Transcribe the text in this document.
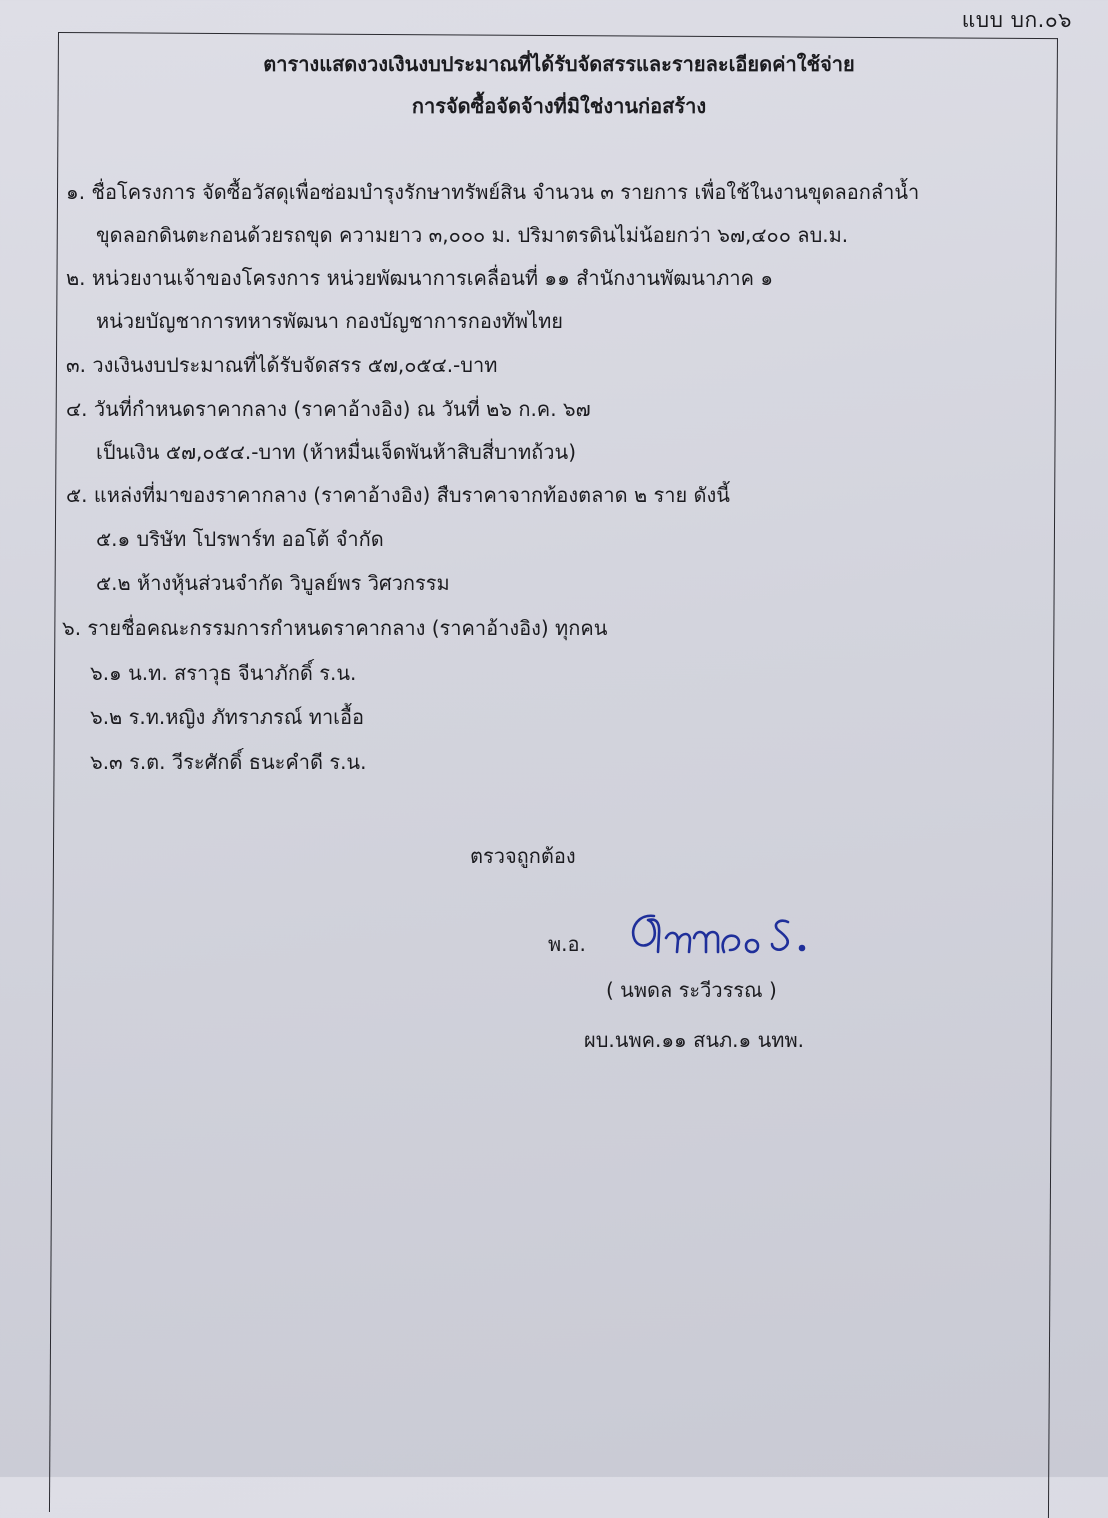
แบบ บก.๐๖
ตารางแสดงวงเงินงบประมาณที่ได้รับจัดสรรและรายละเอียดค่าใช้จ่าย
การจัดซื้อจัดจ้างที่มิใช่งานก่อสร้าง
๑. ชื่อโครงการ จัดซื้อวัสดุเพื่อซ่อมบำรุงรักษาทรัพย์สิน จำนวน ๓ รายการ เพื่อใช้ในงานขุดลอกลำน้ำ
ขุดลอกดินตะกอนด้วยรถขุด ความยาว ๓,๐๐๐ ม. ปริมาตรดินไม่น้อยกว่า ๖๗,๔๐๐ ลบ.ม.
๒. หน่วยงานเจ้าของโครงการ หน่วยพัฒนาการเคลื่อนที่ ๑๑ สำนักงานพัฒนาภาค ๑
หน่วยบัญชาการทหารพัฒนา กองบัญชาการกองทัพไทย
๓. วงเงินงบประมาณที่ได้รับจัดสรร ๕๗,๐๕๔.-บาท
๔. วันที่กำหนดราคากลาง (ราคาอ้างอิง) ณ วันที่ ๒๖ ก.ค. ๖๗
เป็นเงิน ๕๗,๐๕๔.-บาท (ห้าหมื่นเจ็ดพันห้าสิบสี่บาทถ้วน)
๕. แหล่งที่มาของราคากลาง (ราคาอ้างอิง) สืบราคาจากท้องตลาด ๒ ราย ดังนี้
๕.๑ บริษัท โปรพาร์ท ออโต้ จำกัด
๕.๒ ห้างหุ้นส่วนจำกัด วิบูลย์พร วิศวกรรม
๖. รายชื่อคณะกรรมการกำหนดราคากลาง (ราคาอ้างอิง) ทุกคน
๖.๑ น.ท. สราวุธ จีนาภักดิ์ ร.น.
๖.๒ ร.ท.หญิง ภัทราภรณ์ ทาเอื้อ
๖.๓ ร.ต. วีระศักดิ์ ธนะคำดี ร.น.
ตรวจถูกต้อง
พ.อ.
( นพดล ระวีวรรณ )
ผบ.นพค.๑๑ สนภ.๑ นทพ.
